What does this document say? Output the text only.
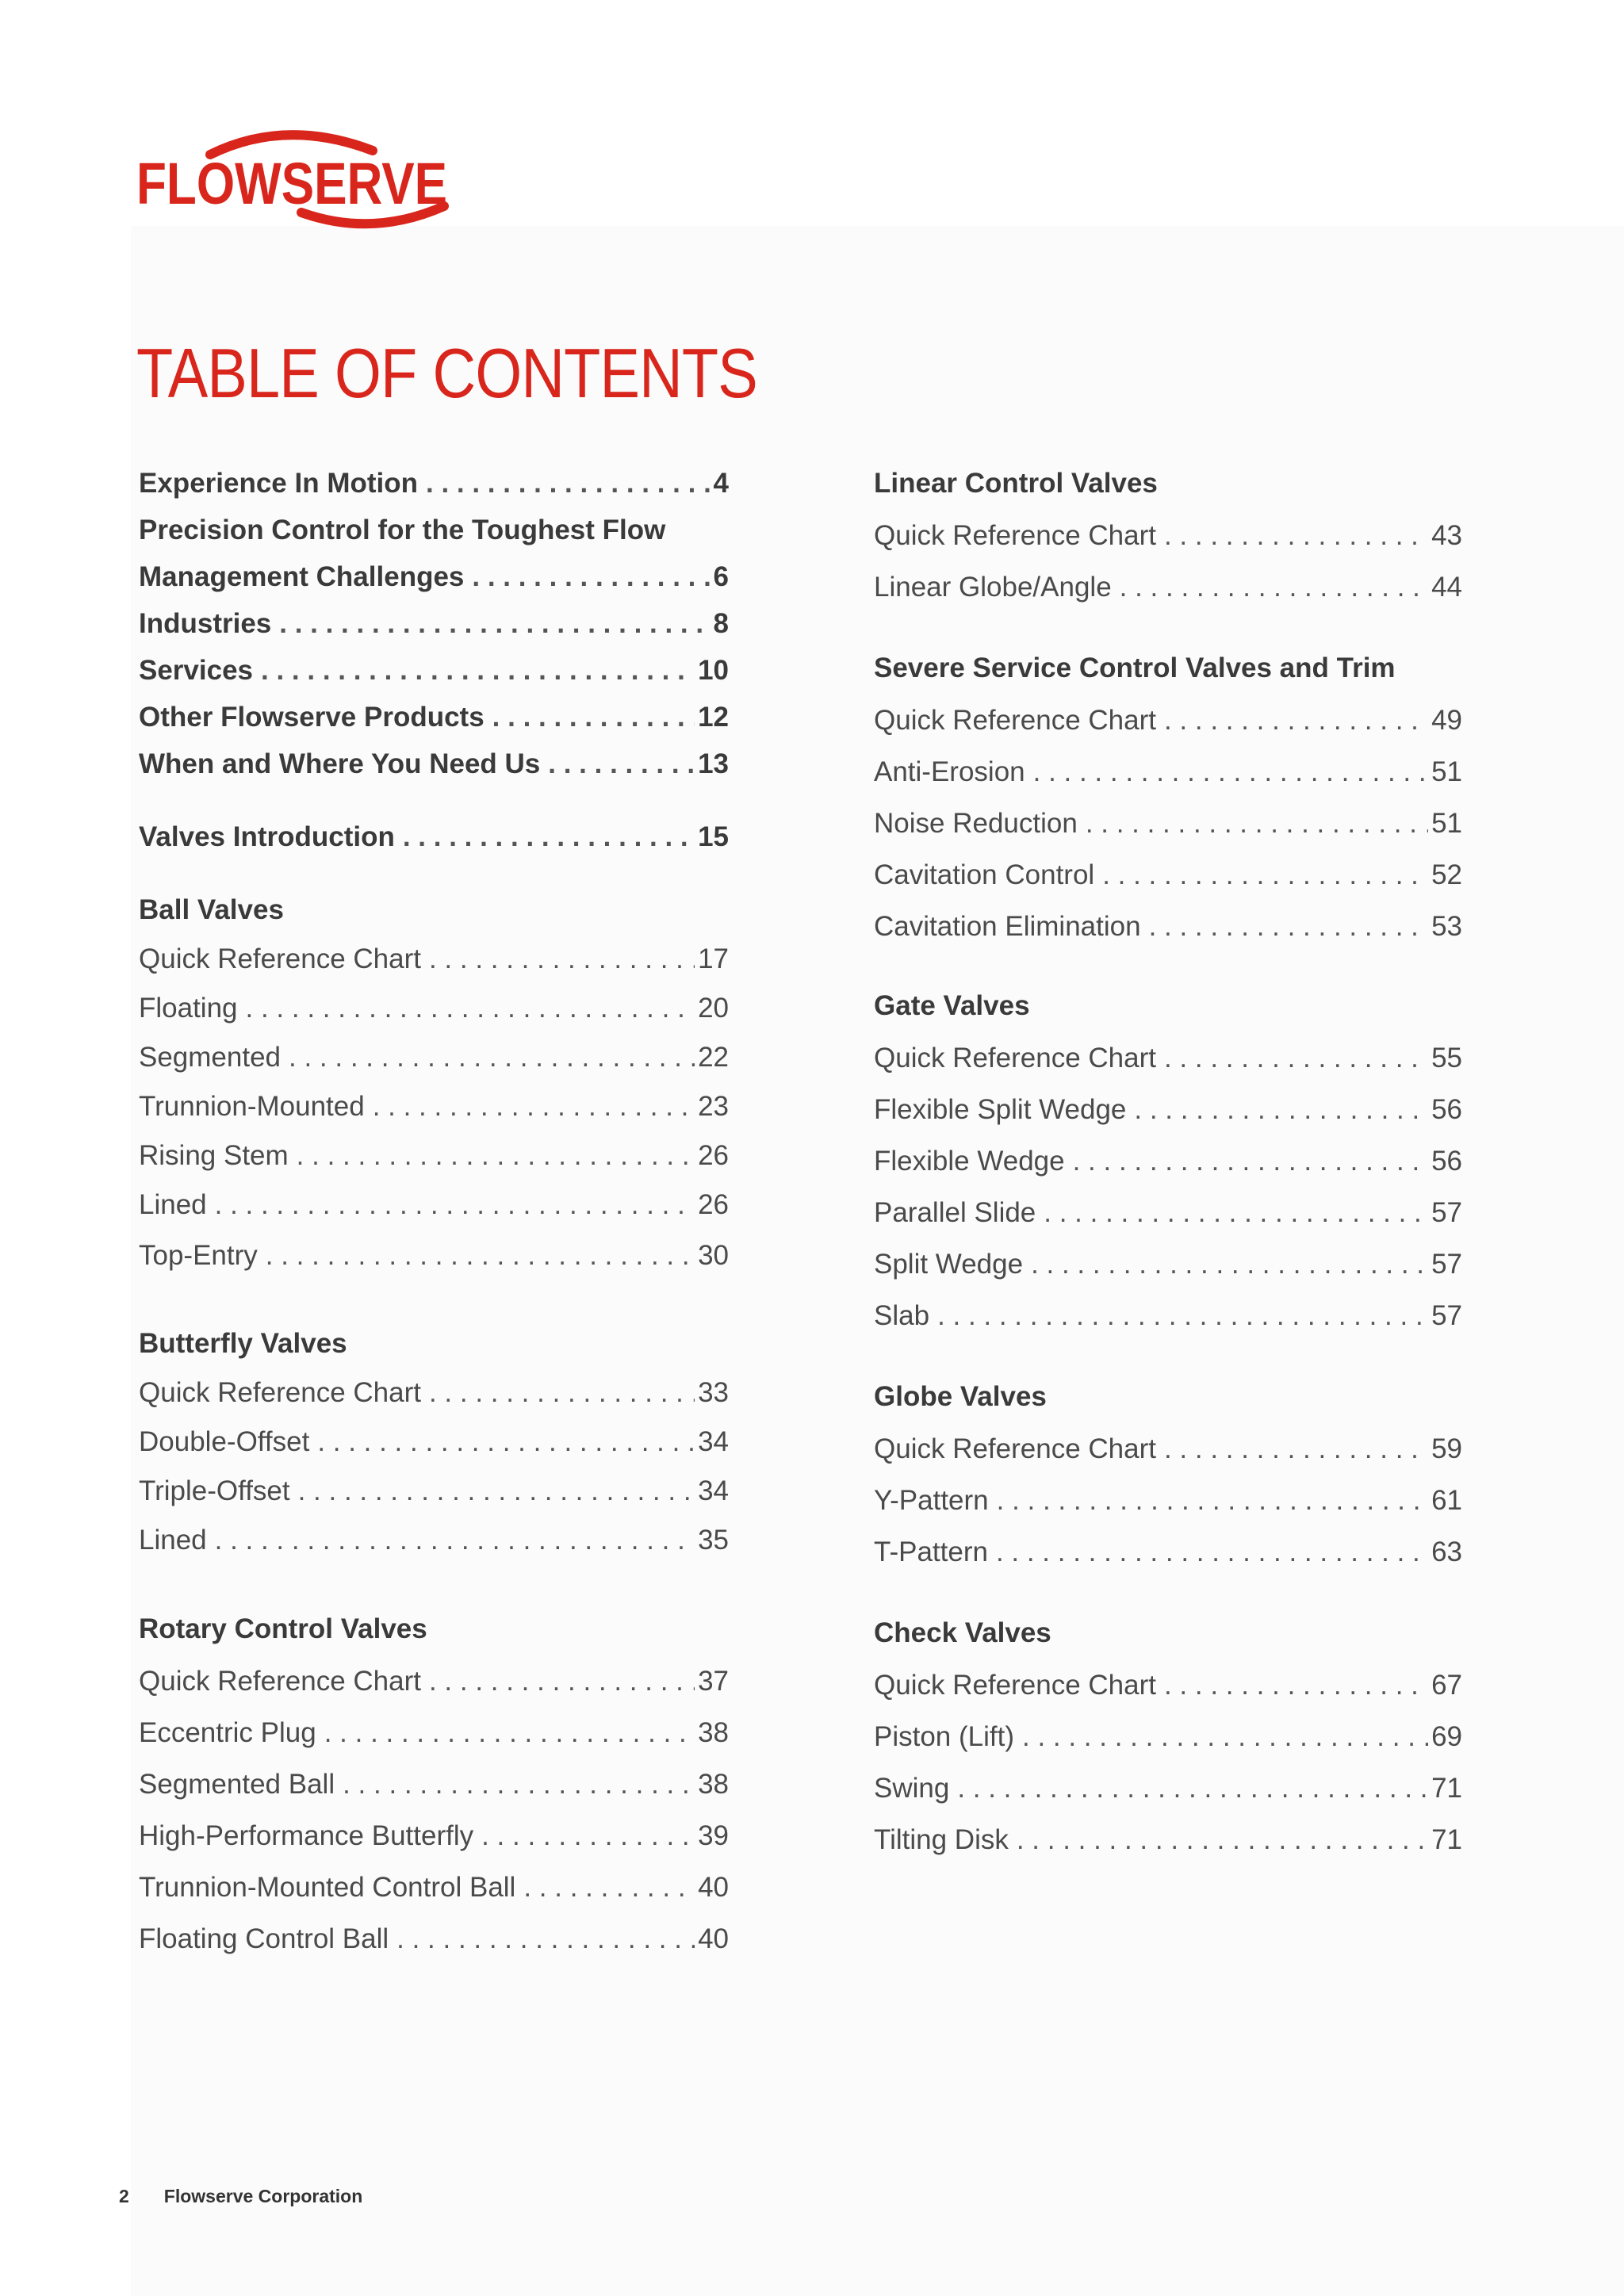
FLOWSERVE
®
TABLE OF CONTENTS
Experience In Motion . . .	4
Precision Control for the Toughest Flow
Management Challenges . . .	6
Industries . . .	8
Services . . .	10
Other Flowserve Products . . .	12
When and Where You Need Us . . .	13
Valves Introduction . . .	15
Ball Valves
Quick Reference Chart . . .	17
Floating . . .	20
Segmented . . .	22
Trunnion-Mounted . . .	23
Rising Stem . . .	26
Lined . . .	26
Top-Entry . . .	30
Butterfly Valves
Quick Reference Chart . . .	33
Double-Offset . . .	34
Triple-Offset . . .	34
Lined . . .	35
Rotary Control Valves
Quick Reference Chart . . .	37
Eccentric Plug . . .	38
Segmented Ball . . .	38
High-Performance Butterfly . . .	39
Trunnion-Mounted Control Ball . . .	40
Floating Control Ball . . .	40
Linear Control Valves
Quick Reference Chart . . .	43
Linear Globe/Angle . . .	44
Severe Service Control Valves and Trim
Quick Reference Chart . . .	49
Anti-Erosion . . .	51
Noise Reduction . . .	51
Cavitation Control . . .	52
Cavitation Elimination . . .	53
Gate Valves
Quick Reference Chart . . .	55
Flexible Split Wedge . . .	56
Flexible Wedge . . .	56
Parallel Slide . . .	57
Split Wedge . . .	57
Slab . . .	57
Globe Valves
Quick Reference Chart . . .	59
Y-Pattern . . .	61
T-Pattern . . .	63
Check Valves
Quick Reference Chart . . .	67
Piston (Lift) . . .	69
Swing . . .	71
Tilting Disk . . .	71
2 Flowserve Corporation
